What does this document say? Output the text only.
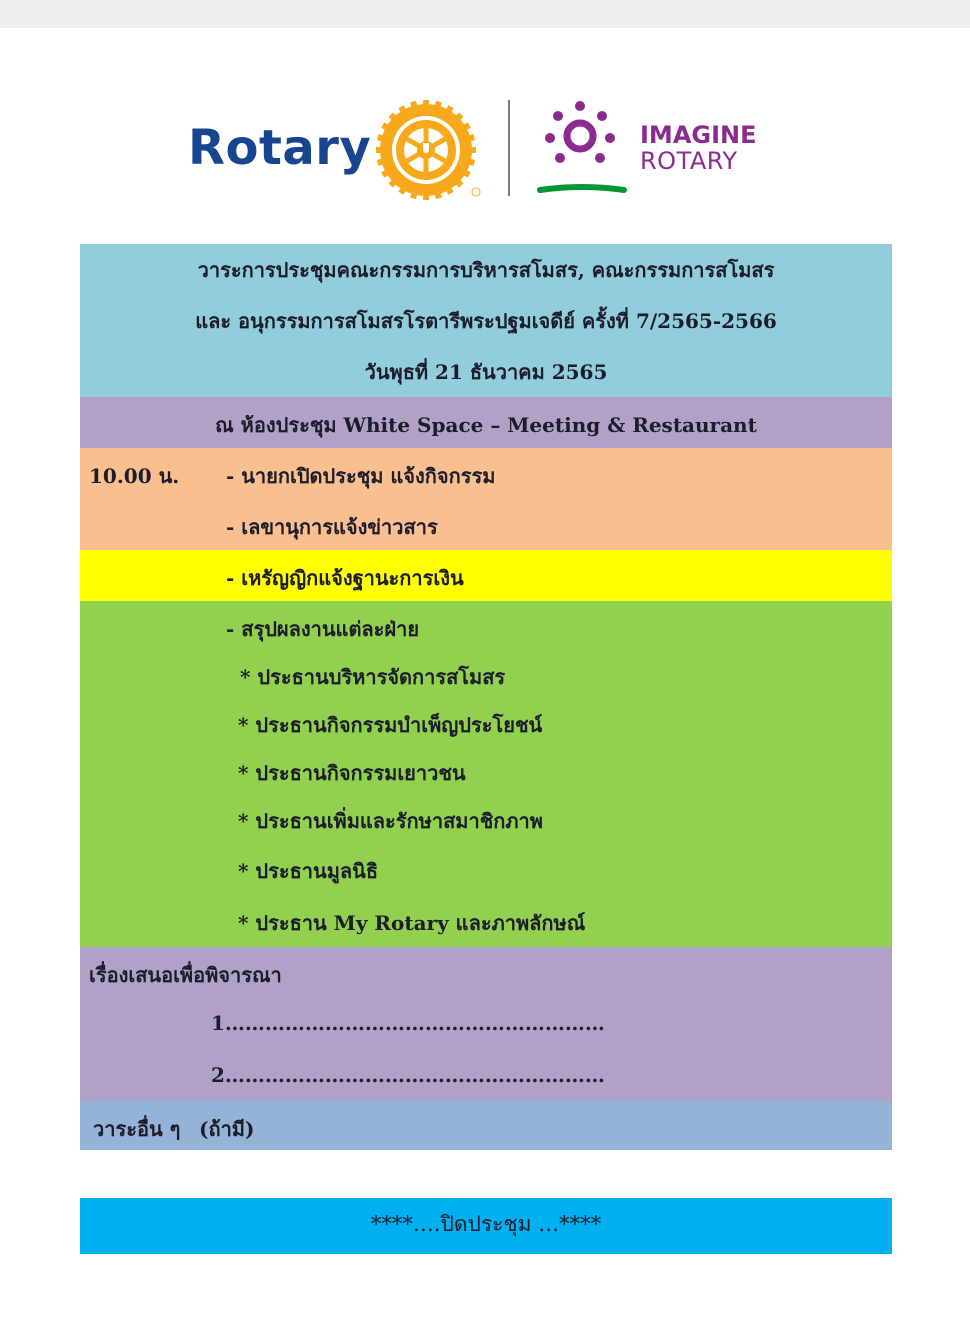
Rotary	IMAGINE
ROTARY
วาระการประชุมคณะกรรมการบริหารสโมสร, คณะกรรมการสโมสร
และ อนุกรรมการสโมสรโรตารีพระปฐมเจดีย์ ครั้งที่ 7/2565-2566
วันพุธที่ 21 ธันวาคม 2565
ณ ห้องประชุม White Space – Meeting & Restaurant
10.00 น. - นายกเปิดประชุม แจ้งกิจกรรม
- เลขานุการแจ้งข่าวสาร
- เหรัญญิกแจ้งฐานะการเงิน
- สรุปผลงานแต่ละฝ่าย
* ประธานบริหารจัดการสโมสร
* ประธานกิจกรรมบำเพ็ญประโยชน์
* ประธานกิจกรรมเยาวชน
* ประธานเพิ่มและรักษาสมาชิกภาพ
* ประธานมูลนิธิ
* ประธาน My Rotary และภาพลักษณ์
เรื่องเสนอเพื่อพิจารณา
1…………………………………………………
2…………………………………………………
วาระอื่น ๆ (ถ้ามี)
****….ปิดประชุม …****
